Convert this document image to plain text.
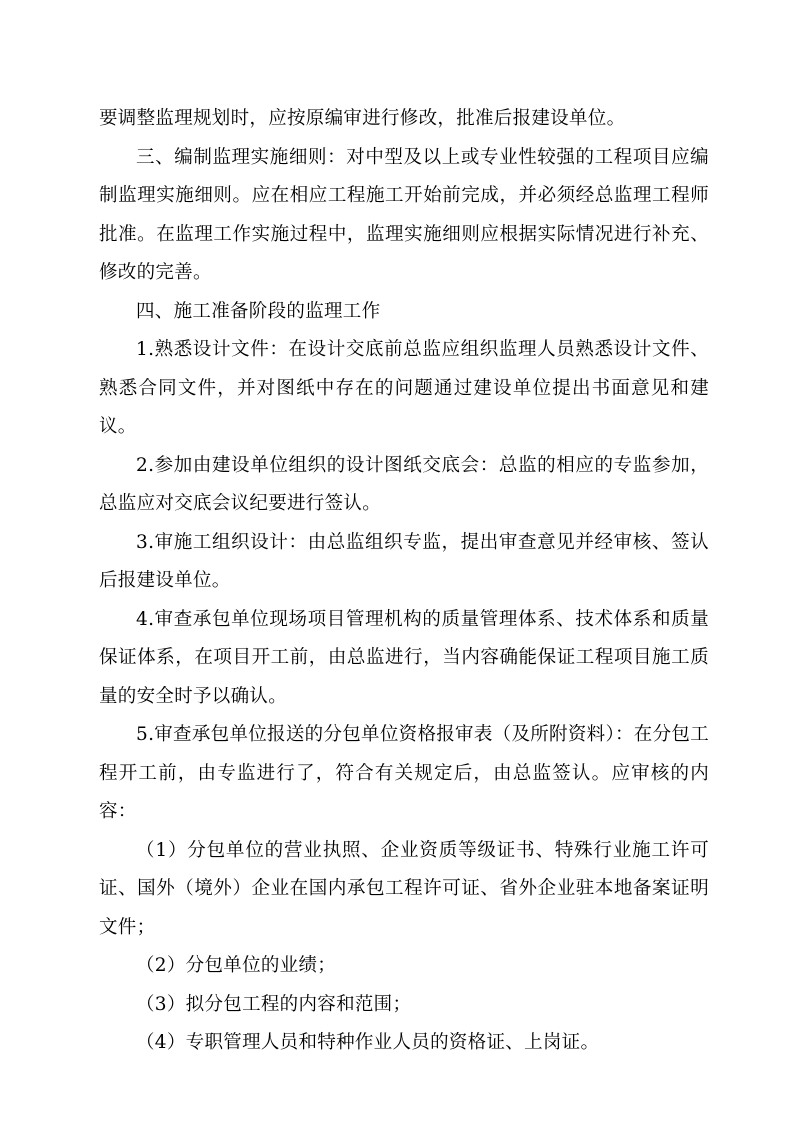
要调整监理规划时，应按原编审进行修改，批准后报建设单位。

三、编制监理实施细则：对中型及以上或专业性较强的工程项目应编制监理实施细则。应在相应工程施工开始前完成，并必须经总监理工程师批准。在监理工作实施过程中，监理实施细则应根据实际情况进行补充、修改的完善。

四、施工准备阶段的监理工作

1.熟悉设计文件：在设计交底前总监应组织监理人员熟悉设计文件、熟悉合同文件，并对图纸中存在的问题通过建设单位提出书面意见和建议。

2.参加由建设单位组织的设计图纸交底会：总监的相应的专监参加，总监应对交底会议纪要进行签认。

3.审施工组织设计：由总监组织专监，提出审查意见并经审核、签认后报建设单位。

4.审查承包单位现场项目管理机构的质量管理体系、技术体系和质量保证体系，在项目开工前，由总监进行，当内容确能保证工程项目施工质量的安全时予以确认。

5.审查承包单位报送的分包单位资格报审表（及所附资料）：在分包工程开工前，由专监进行了，符合有关规定后，由总监签认。应审核的内容：

（1）分包单位的营业执照、企业资质等级证书、特殊行业施工许可证、国外（境外）企业在国内承包工程许可证、省外企业驻本地备案证明文件；

（2）分包单位的业绩；

（3）拟分包工程的内容和范围；

（4）专职管理人员和特种作业人员的资格证、上岗证。
